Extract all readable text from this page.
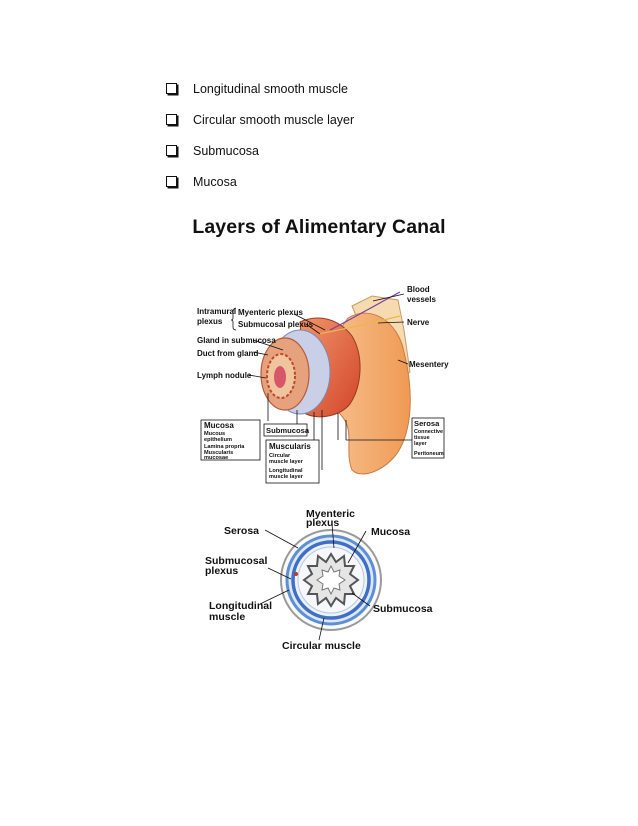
Longitudinal smooth muscle
Circular smooth muscle layer
Submucosa
Mucosa
Layers of Alimentary Canal
Blood
vessels
Nerve
Mesentery
Intramural
plexus
Myenteric plexus
Submucosal plexus
Gland in submucosa
Duct from gland
Lymph nodule
Mucosa
Mucous
epithelium
Lamina propria
Muscularis
mucosae
Submucosa
Muscularis
Circular
muscle layer
Longitudinal
muscle layer
Serosa
Connective
tissue
layer
Peritoneum
Myenteric
plexus
Serosa	Mucosa
Submucosal
plexus
Longitudinal
muscle
Submucosa
Circular muscle
